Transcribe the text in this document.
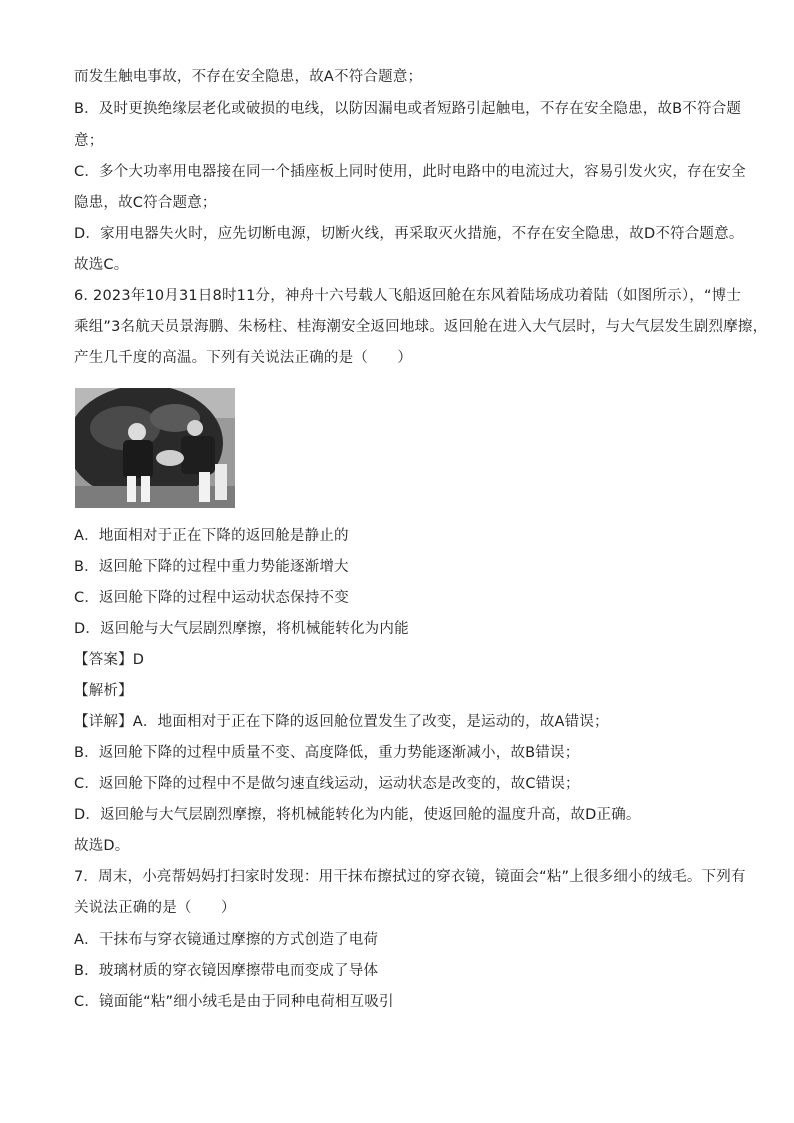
而发生触电事故，不存在安全隐患，故A不符合题意；
B．及时更换绝缘层老化或破损的电线，以防因漏电或者短路引起触电，不存在安全隐患，故B不符合题
意；
C．多个大功率用电器接在同一个插座板上同时使用，此时电路中的电流过大，容易引发火灾，存在安全
隐患，故C符合题意；
D．家用电器失火时，应先切断电源，切断火线，再采取灭火措施，不存在安全隐患，故D不符合题意。
故选C。
6. 2023年10月31日8时11分，神舟十六号载人飞船返回舱在东风着陆场成功着陆（如图所示），“博士
乘组”3名航天员景海鹏、朱杨柱、桂海潮安全返回地球。返回舱在进入大气层时，与大气层发生剧烈摩擦，
产生几千度的高温。下列有关说法正确的是（　　）
A．地面相对于正在下降的返回舱是静止的
B．返回舱下降的过程中重力势能逐渐增大
C．返回舱下降的过程中运动状态保持不变
D．返回舱与大气层剧烈摩擦，将机械能转化为内能
【答案】D
【解析】
【详解】A．地面相对于正在下降的返回舱位置发生了改变，是运动的，故A错误；
B．返回舱下降的过程中质量不变、高度降低，重力势能逐渐减小，故B错误；
C．返回舱下降的过程中不是做匀速直线运动，运动状态是改变的，故C错误；
D．返回舱与大气层剧烈摩擦，将机械能转化为内能，使返回舱的温度升高，故D正确。
故选D。
7．周末，小亮帮妈妈打扫家时发现：用干抹布擦拭过的穿衣镜，镜面会“粘”上很多细小的绒毛。下列有
关说法正确的是（　　）
A．干抹布与穿衣镜通过摩擦的方式创造了电荷
B．玻璃材质的穿衣镜因摩擦带电而变成了导体
C．镜面能“粘”细小绒毛是由于同种电荷相互吸引
